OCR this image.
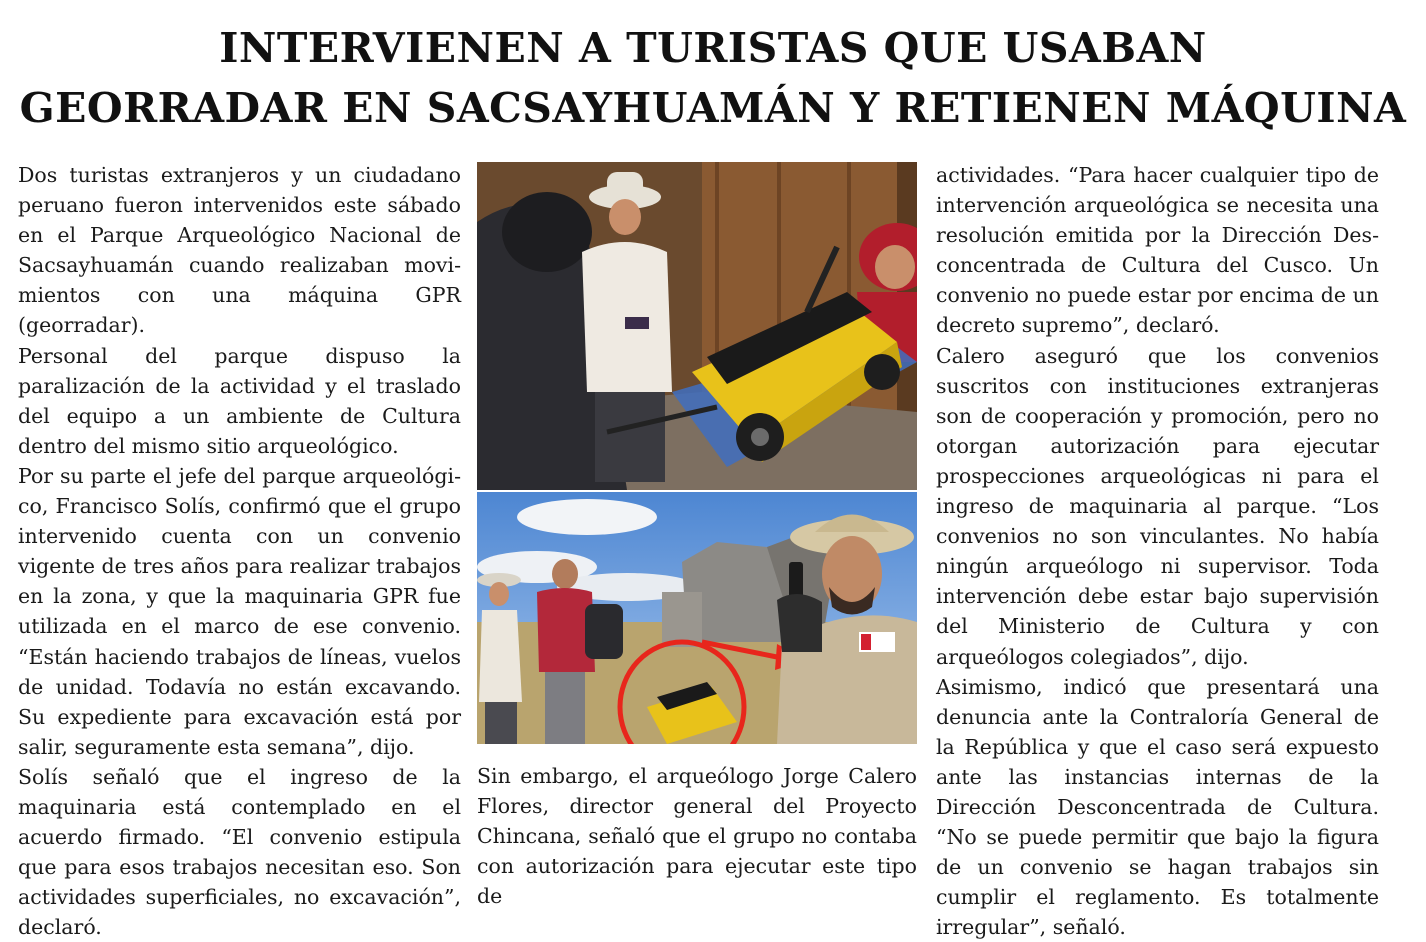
INTERVIENEN A TURISTAS QUE USABAN
GEORRADAR EN SACSAYHUAMÁN Y RETIENEN MÁQUINA

Dos turistas extranjeros y un ciudadano peruano fueron intervenidos este sábado en el Parque Arqueológico Nacional de Sacsayhuamán cuando realizaban movimientos con una máquina GPR (georradar).

Personal del parque dispuso la paralización de la actividad y el traslado del equipo a un ambiente de Cultura dentro del mismo sitio arqueológico.

Por su parte el jefe del parque arqueológico, Francisco Solís, confirmó que el grupo intervenido cuenta con un convenio vigente de tres años para realizar trabajos en la zona, y que la maquinaria GPR fue utilizada en el marco de ese convenio. “Están haciendo trabajos de líneas, vuelos de unidad. Todavía no están excavando. Su expediente para excavación está por salir, seguramente esta semana”, dijo.

Solís señaló que el ingreso de la maquinaria está contemplado en el acuerdo firmado. “El convenio estipula que para esos trabajos necesitan eso. Son actividades superficiales, no excavación”, declaró.

Sin embargo, el arqueólogo Jorge Calero Flores, director general del Proyecto Chincana, señaló que el grupo no contaba con autorización para ejecutar este tipo de

actividades. “Para hacer cualquier tipo de intervención arqueológica se necesita una resolución emitida por la Dirección Desconcentrada de Cultura del Cusco. Un convenio no puede estar por encima de un decreto supremo”, declaró.

Calero aseguró que los convenios suscritos con instituciones extranjeras son de cooperación y promoción, pero no otorgan autorización para ejecutar prospecciones arqueológicas ni para el ingreso de maquinaria al parque. “Los convenios no son vinculantes. No había ningún arqueólogo ni supervisor. Toda intervención debe estar bajo supervisión del Ministerio de Cultura y con arqueólogos colegiados”, dijo.

Asimismo, indicó que presentará una denuncia ante la Contraloría General de la República y que el caso será expuesto ante las instancias internas de la Dirección Desconcentrada de Cultura. “No se puede permitir que bajo la figura de un convenio se hagan trabajos sin cumplir el reglamento. Es totalmente irregular”, señaló.
